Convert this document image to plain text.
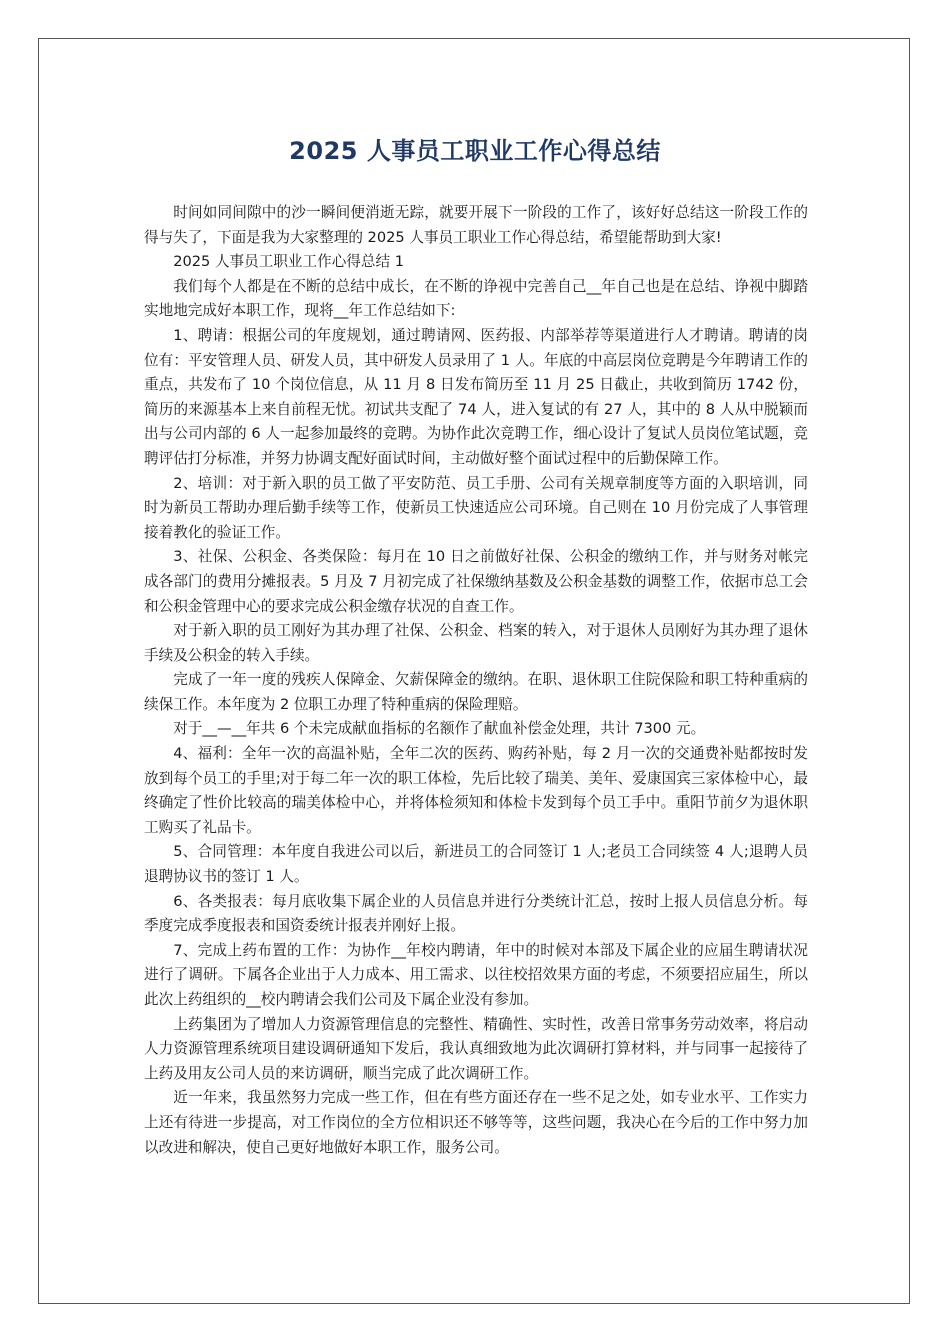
2025 人事员工职业工作心得总结

时间如同间隙中的沙一瞬间便消逝无踪，就要开展下一阶段的工作了，该好好总结这一阶段工作的得与失了，下面是我为大家整理的 2025 人事员工职业工作心得总结，希望能帮助到大家!

2025 人事员工职业工作心得总结 1

我们每个人都是在不断的总结中成长，在不断的诤视中完善自己__年自己也是在总结、诤视中脚踏实地地完成好本职工作，现将__年工作总结如下:

1、聘请：根据公司的年度规划，通过聘请网、医药报、内部举荐等渠道进行人才聘请。聘请的岗位有：平安管理人员、研发人员，其中研发人员录用了 1 人。年底的中高层岗位竞聘是今年聘请工作的重点，共发布了 10 个岗位信息，从 11 月 8 日发布简历至 11 月 25 日截止，共收到简历 1742 份，简历的来源基本上来自前程无忧。初试共支配了 74 人，进入复试的有 27 人，其中的 8 人从中脱颖而出与公司内部的 6 人一起参加最终的竞聘。为协作此次竞聘工作，细心设计了复试人员岗位笔试题，竞聘评估打分标准，并努力协调支配好面试时间，主动做好整个面试过程中的后勤保障工作。

2、培训：对于新入职的员工做了平安防范、员工手册、公司有关规章制度等方面的入职培训，同时为新员工帮助办理后勤手续等工作，使新员工快速适应公司环境。自己则在 10 月份完成了人事管理接着教化的验证工作。

3、社保、公积金、各类保险：每月在 10 日之前做好社保、公积金的缴纳工作，并与财务对帐完成各部门的费用分摊报表。5 月及 7 月初完成了社保缴纳基数及公积金基数的调整工作，依据市总工会和公积金管理中心的要求完成公积金缴存状况的自查工作。

对于新入职的员工刚好为其办理了社保、公积金、档案的转入，对于退休人员刚好为其办理了退休手续及公积金的转入手续。

完成了一年一度的残疾人保障金、欠薪保障金的缴纳。在职、退休职工住院保险和职工特种重病的续保工作。本年度为 2 位职工办理了特种重病的保险理赔。

对于__—__年共 6 个未完成献血指标的名额作了献血补偿金处理，共计 7300 元。

4、福利：全年一次的高温补贴，全年二次的医药、购药补贴，每 2 月一次的交通费补贴都按时发放到每个员工的手里;对于每二年一次的职工体检，先后比较了瑞美、美年、爱康国宾三家体检中心，最终确定了性价比较高的瑞美体检中心，并将体检须知和体检卡发到每个员工手中。重阳节前夕为退休职工购买了礼品卡。

5、合同管理：本年度自我进公司以后，新进员工的合同签订 1 人;老员工合同续签 4 人;退聘人员退聘协议书的签订 1 人。

6、各类报表：每月底收集下属企业的人员信息并进行分类统计汇总，按时上报人员信息分析。每季度完成季度报表和国资委统计报表并刚好上报。

7、完成上药布置的工作：为协作__年校内聘请，年中的时候对本部及下属企业的应届生聘请状况进行了调研。下属各企业出于人力成本、用工需求、以往校招效果方面的考虑，不须要招应届生，所以此次上药组织的__校内聘请会我们公司及下属企业没有参加。

上药集团为了增加人力资源管理信息的完整性、精确性、实时性，改善日常事务劳动效率，将启动人力资源管理系统项目建设调研通知下发后，我认真细致地为此次调研打算材料，并与同事一起接待了上药及用友公司人员的来访调研，顺当完成了此次调研工作。

近一年来，我虽然努力完成一些工作，但在有些方面还存在一些不足之处，如专业水平、工作实力上还有待进一步提高，对工作岗位的全方位相识还不够等等，这些问题，我决心在今后的工作中努力加以改进和解决，使自己更好地做好本职工作，服务公司。
